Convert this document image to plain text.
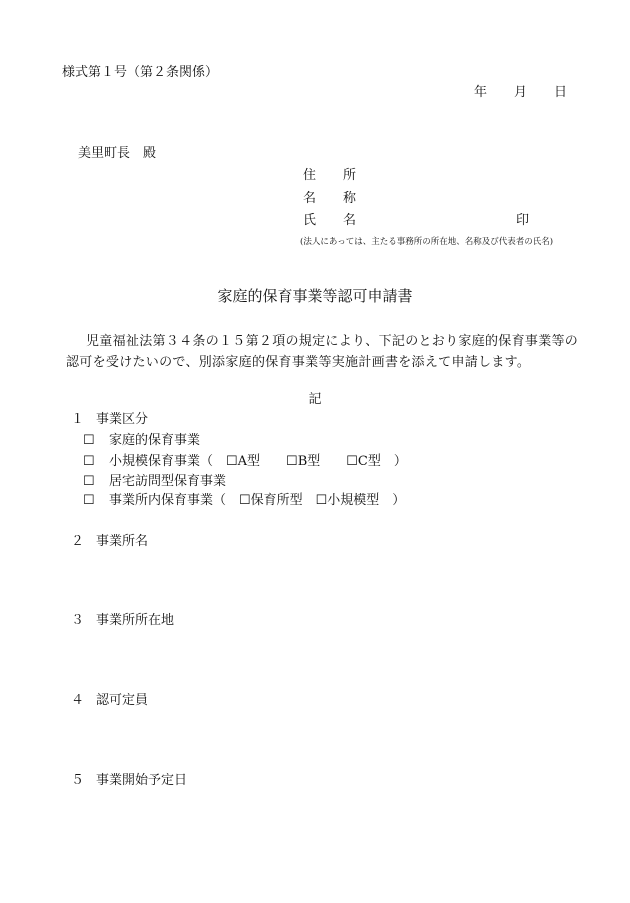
様式第１号（第２条関係）
年 月 日
美里町長　殿
住 所
名 称
氏 名	印
(法人にあっては、主たる事務所の所在地、名称及び代表者の氏名)
家庭的保育事業等認可申請書
児童福祉法第３４条の１５第２項の規定により、下記のとおり家庭的保育事業等の認可を受けたいので、別添家庭的保育事業等実施計画書を添えて申請します。
記
１ 事業区分
☐ 家庭的保育事業
☐ 小規模保育事業（　☐A型　　☐B型　　☐C型　）
☐ 居宅訪問型保育事業
☐ 事業所内保育事業（　☐保育所型　☐小規模型　）
２ 事業所名
３ 事業所所在地
４ 認可定員
５ 事業開始予定日
